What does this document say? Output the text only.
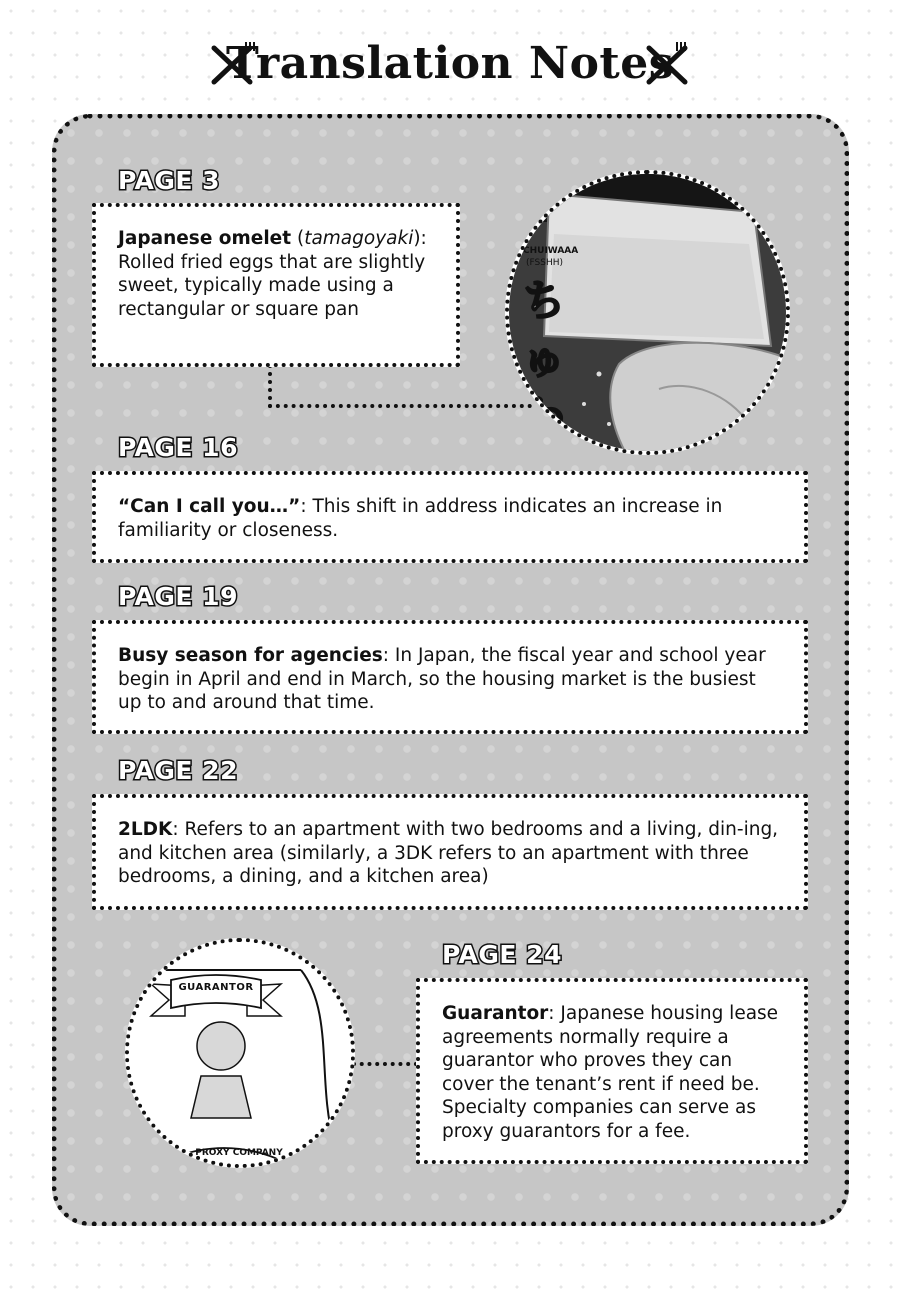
Translation Notes
PAGE 3
Japanese omelet (tamagoyaki): Rolled fried eggs that are slightly sweet, typically made using a rectangular or square pan
CHUIWAAA
(FSSHH)
ちゅわ
PAGE 16
“Can I call you…”: This shift in address indicates an increase in familiarity or closeness.
PAGE 19
Busy season for agencies: In Japan, the fiscal year and school year begin in April and end in March, so the housing market is the busiest up to and around that time.
PAGE 22
2LDK: Refers to an apartment with two bedrooms and a living, din-ing, and kitchen area (similarly, a 3DK refers to an apartment with three bedrooms, a dining, and a kitchen area)
PAGE 24
Guarantor: Japanese housing lease agreements normally require a guarantor who proves they can cover the tenant’s rent if need be. Specialty companies can serve as proxy guarantors for a fee.
GUARANTOR
PROXY COMPANY
